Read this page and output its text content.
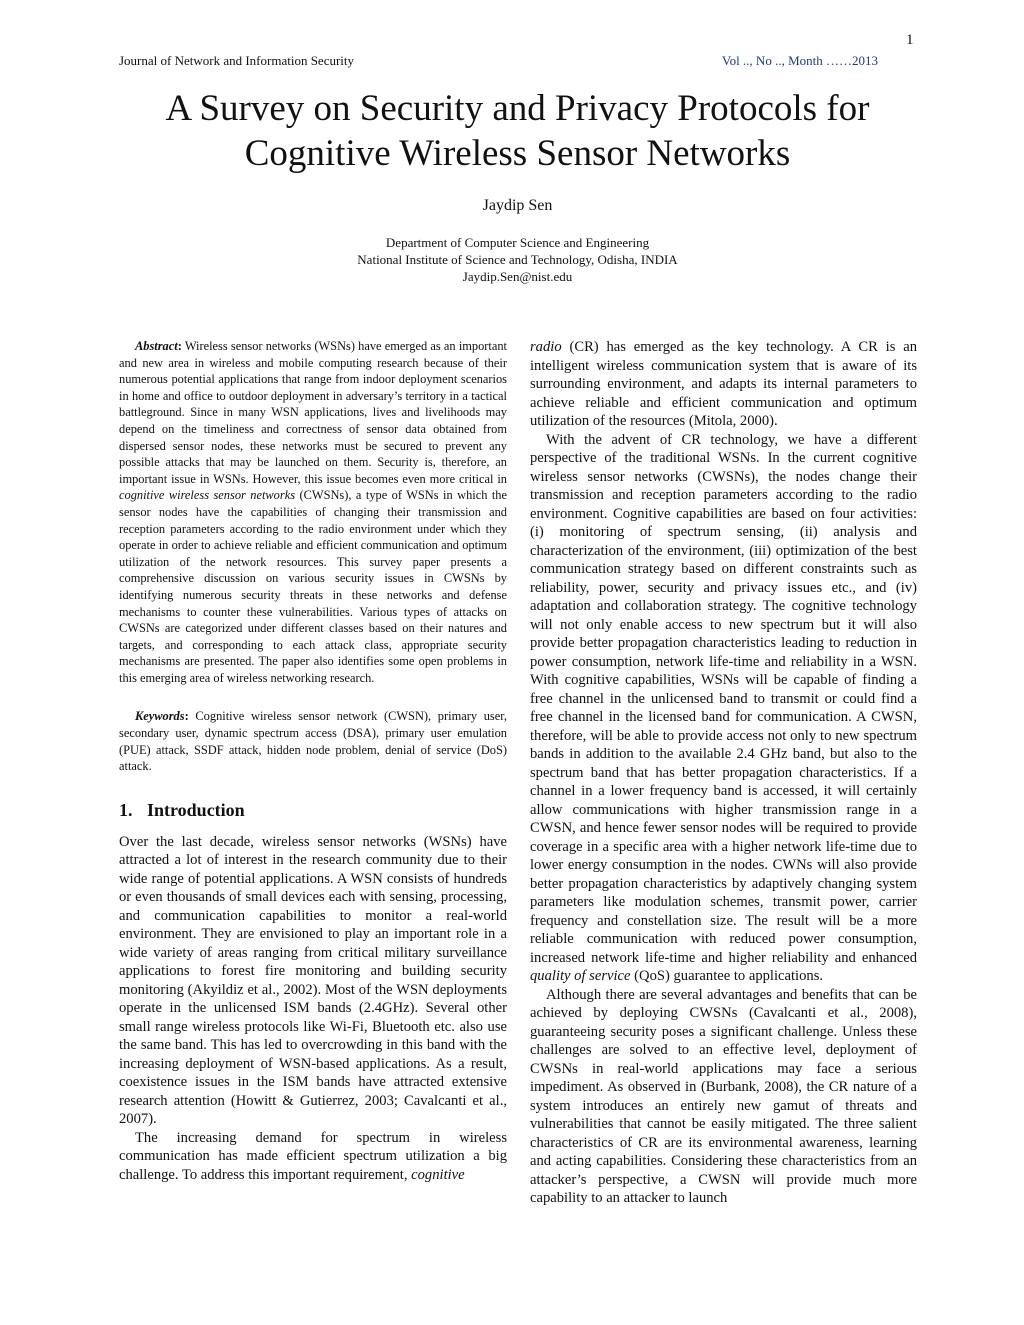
1
Journal of Network and Information Security	Vol .., No .., Month ……2013
A Survey on Security and Privacy Protocols for
Cognitive Wireless Sensor Networks
Jaydip Sen
Department of Computer Science and Engineering
National Institute of Science and Technology, Odisha, INDIA
Jaydip.Sen@nist.edu

Abstract: Wireless sensor networks (WSNs) have emerged as an important and new area in wireless and mobile computing research because of their numerous potential applications that range from indoor deployment scenarios in home and office to outdoor deployment in adversary’s territory in a tactical battleground. Since in many WSN applications, lives and livelihoods may depend on the timeliness and correctness of sensor data obtained from dispersed sensor nodes, these networks must be secured to prevent any possible attacks that may be launched on them. Security is, therefore, an important issue in WSNs. However, this issue becomes even more critical in cognitive wireless sensor networks (CWSNs), a type of WSNs in which the sensor nodes have the capabilities of changing their transmission and reception parameters according to the radio environment under which they operate in order to achieve reliable and efficient communication and optimum utilization of the network resources. This survey paper presents a comprehensive discussion on various security issues in CWSNs by identifying numerous security threats in these networks and defense mechanisms to counter these vulnerabilities. Various types of attacks on CWSNs are categorized under different classes based on their natures and targets, and corresponding to each attack class, appropriate security mechanisms are presented. The paper also identifies some open problems in this emerging area of wireless networking research.

Keywords: Cognitive wireless sensor network (CWSN), primary user, secondary user, dynamic spectrum access (DSA), primary user emulation (PUE) attack, SSDF attack, hidden node problem, denial of service (DoS) attack.

1. Introduction

Over the last decade, wireless sensor networks (WSNs) have attracted a lot of interest in the research community due to their wide range of potential applications. A WSN consists of hundreds or even thousands of small devices each with sensing, processing, and communication capabilities to monitor a real-world environment. They are envisioned to play an important role in a wide variety of areas ranging from critical military surveillance applications to forest fire monitoring and building security monitoring (Akyildiz et al., 2002). Most of the WSN deployments operate in the unlicensed ISM bands (2.4GHz). Several other small range wireless protocols like Wi-Fi, Bluetooth etc. also use the same band. This has led to overcrowding in this band with the increasing deployment of WSN-based applications. As a result, coexistence issues in the ISM bands have attracted extensive research attention (Howitt & Gutierrez, 2003; Cavalcanti et al., 2007).

The increasing demand for spectrum in wireless communication has made efficient spectrum utilization a big challenge. To address this important requirement, cognitive

radio (CR) has emerged as the key technology. A CR is an intelligent wireless communication system that is aware of its surrounding environment, and adapts its internal parameters to achieve reliable and efficient communication and optimum utilization of the resources (Mitola, 2000).

With the advent of CR technology, we have a different perspective of the traditional WSNs. In the current cognitive wireless sensor networks (CWSNs), the nodes change their transmission and reception parameters according to the radio environment. Cognitive capabilities are based on four activities: (i) monitoring of spectrum sensing, (ii) analysis and characterization of the environment, (iii) optimization of the best communication strategy based on different constraints such as reliability, power, security and privacy issues etc., and (iv) adaptation and collaboration strategy. The cognitive technology will not only enable access to new spectrum but it will also provide better propagation characteristics leading to reduction in power consumption, network life-time and reliability in a WSN. With cognitive capabilities, WSNs will be capable of finding a free channel in the unlicensed band to transmit or could find a free channel in the licensed band for communication. A CWSN, therefore, will be able to provide access not only to new spectrum bands in addition to the available 2.4 GHz band, but also to the spectrum band that has better propagation characteristics. If a channel in a lower frequency band is accessed, it will certainly allow communications with higher transmission range in a CWSN, and hence fewer sensor nodes will be required to provide coverage in a specific area with a higher network life-time due to lower energy consumption in the nodes. CWNs will also provide better propagation characteristics by adaptively changing system parameters like modulation schemes, transmit power, carrier frequency and constellation size. The result will be a more reliable communication with reduced power consumption, increased network life-time and higher reliability and enhanced quality of service (QoS) guarantee to applications.

Although there are several advantages and benefits that can be achieved by deploying CWSNs (Cavalcanti et al., 2008), guaranteeing security poses a significant challenge. Unless these challenges are solved to an effective level, deployment of CWSNs in real-world applications may face a serious impediment. As observed in (Burbank, 2008), the CR nature of a system introduces an entirely new gamut of threats and vulnerabilities that cannot be easily mitigated. The three salient characteristics of CR are its environmental awareness, learning and acting capabilities. Considering these characteristics from an attacker’s perspective, a CWSN will provide much more capability to an attacker to launch
